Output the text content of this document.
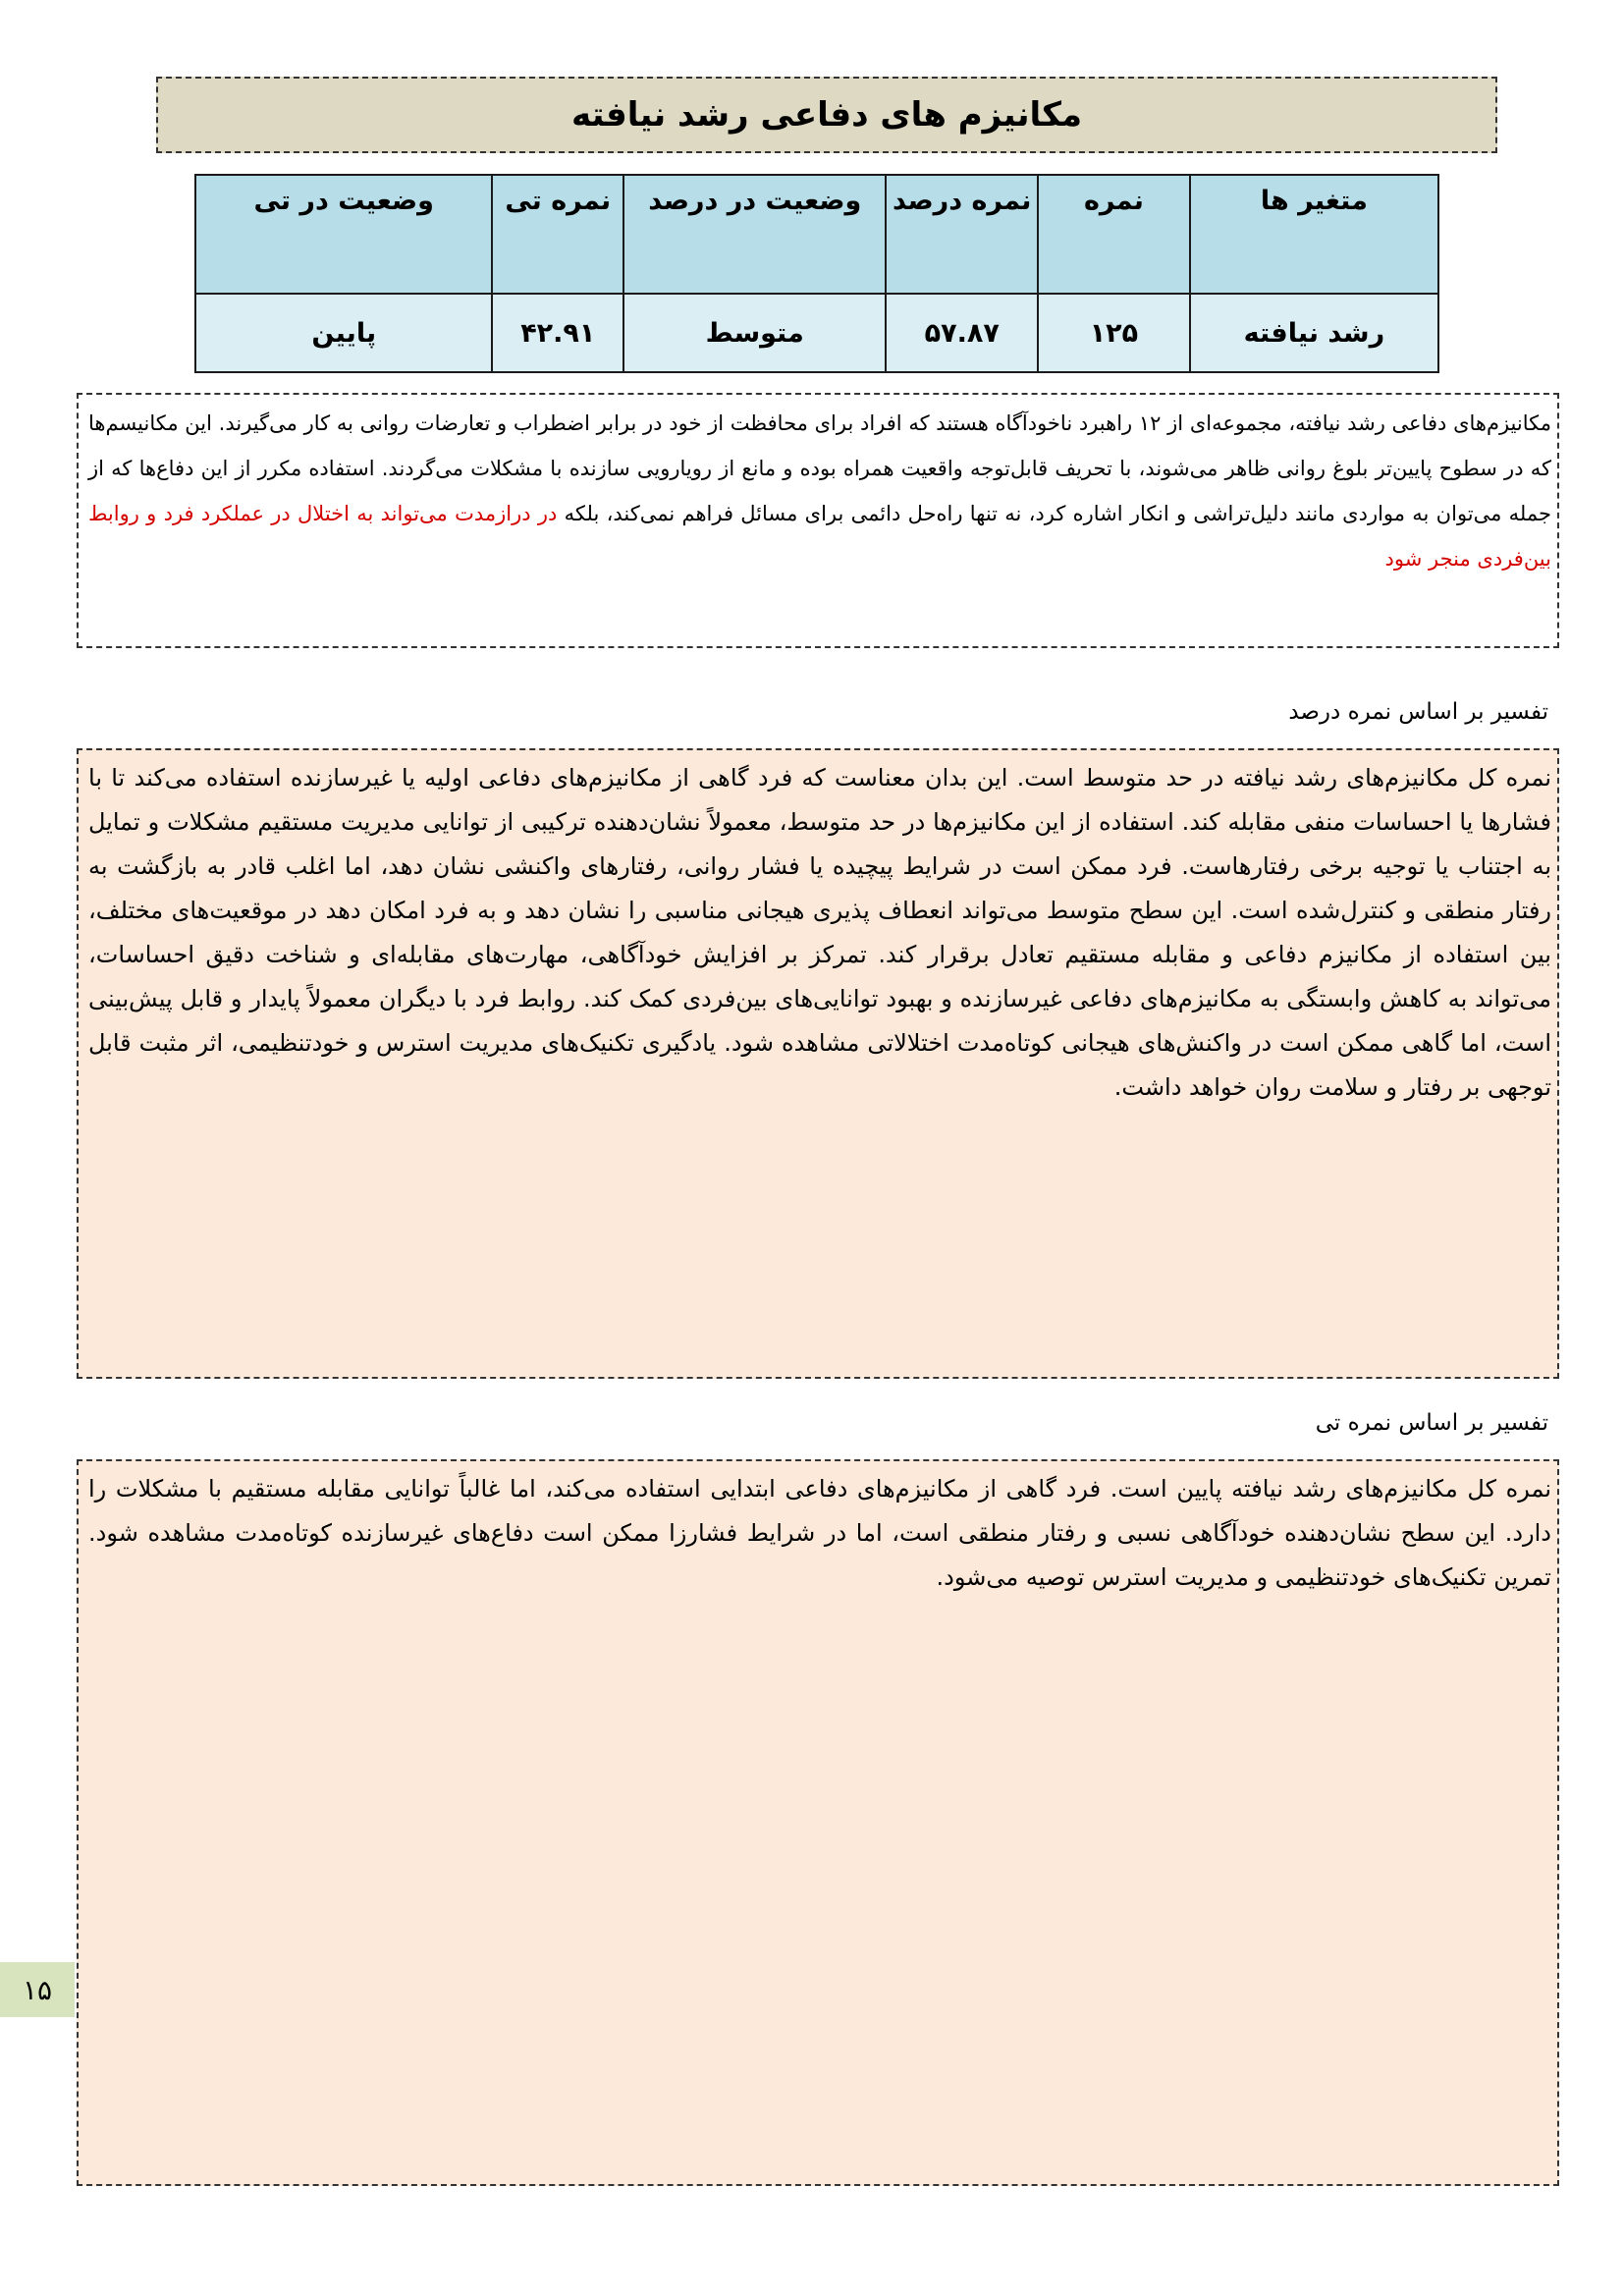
مکانیزم های دفاعی رشد نیافته
متغیر ها	نمره	نمره درصد	وضعیت در درصد	نمره تی	وضعیت در تی
رشد نیافته	۱۲۵	۵۷.۸۷	متوسط	۴۲.۹۱	پایین

مکانیزم‌های دفاعی رشد نیافته، مجموعه‌ای از ۱۲ راهبرد ناخودآگاه هستند که افراد برای محافظت از خود در برابر اضطراب و تعارضات روانی به کار می‌گیرند. این مکانیسم‌ها که در سطوح پایین‌تر بلوغ روانی ظاهر می‌شوند، با تحریف قابل‌توجه واقعیت همراه بوده و مانع از رویارویی سازنده با مشکلات می‌گردند. استفاده مکرر از این دفاع‌ها که از جمله می‌توان به مواردی مانند دلیل‌تراشی و انکار اشاره کرد، نه تنها راه‌حل دائمی برای مسائل فراهم نمی‌کند، بلکه در درازمدت می‌تواند به اختلال در عملکرد فرد و روابط بین‌فردی منجر شود

تفسیر بر اساس نمره درصد

نمره کل مکانیزم‌های رشد نیافته در حد متوسط است. این بدان معناست که فرد گاهی از مکانیزم‌های دفاعی اولیه یا غیرسازنده استفاده می‌کند تا با فشارها یا احساسات منفی مقابله کند. استفاده از این مکانیزم‌ها در حد متوسط، معمولاً نشان‌دهنده ترکیبی از توانایی مدیریت مستقیم مشکلات و تمایل به اجتناب یا توجیه برخی رفتارهاست. فرد ممکن است در شرایط پیچیده یا فشار روانی، رفتارهای واکنشی نشان دهد، اما اغلب قادر به بازگشت به رفتار منطقی و کنترل‌شده است. این سطح متوسط می‌تواند انعطاف پذیری هیجانی مناسبی را نشان دهد و به فرد امکان دهد در موقعیت‌های مختلف، بین استفاده از مکانیزم دفاعی و مقابله مستقیم تعادل برقرار کند. تمرکز بر افزایش خودآگاهی، مهارت‌های مقابله‌ای و شناخت دقیق احساسات، می‌تواند به کاهش وابستگی به مکانیزم‌های دفاعی غیرسازنده و بهبود توانایی‌های بین‌فردی کمک کند. روابط فرد با دیگران معمولاً پایدار و قابل پیش‌بینی است، اما گاهی ممکن است در واکنش‌های هیجانی کوتاه‌مدت اختلالاتی مشاهده شود. یادگیری تکنیک‌های مدیریت استرس و خودتنظیمی، اثر مثبت قابل توجهی بر رفتار و سلامت روان خواهد داشت.

تفسیر بر اساس نمره تی

نمره کل مکانیزم‌های رشد نیافته پایین است. فرد گاهی از مکانیزم‌های دفاعی ابتدایی استفاده می‌کند، اما غالباً توانایی مقابله مستقیم با مشکلات را دارد. این سطح نشان‌دهنده خودآگاهی نسبی و رفتار منطقی است، اما در شرایط فشارزا ممکن است دفاع‌های غیرسازنده کوتاه‌مدت مشاهده شود. تمرین تکنیک‌های خودتنظیمی و مدیریت استرس توصیه می‌شود.

۱۵
